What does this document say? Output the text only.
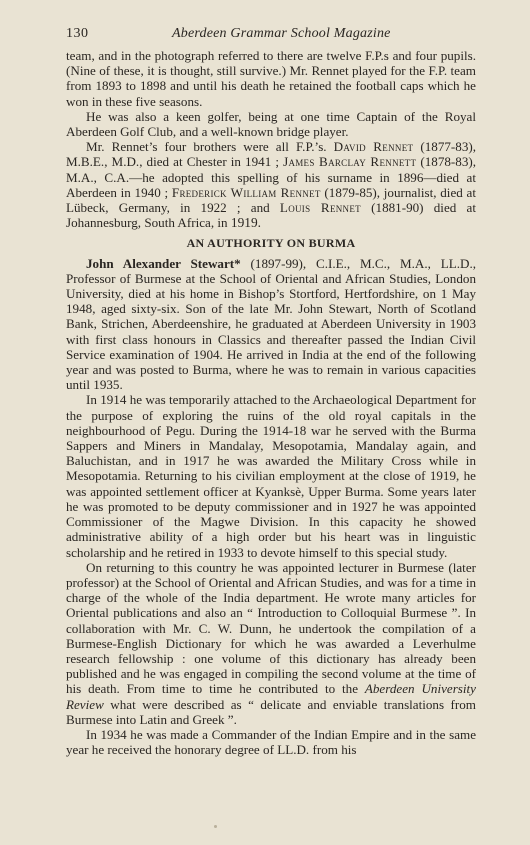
130	Aberdeen Grammar School Magazine

team, and in the photograph referred to there are twelve F.P.s and four pupils. (Nine of these, it is thought, still survive.) Mr. Rennet played for the F.P. team from 1893 to 1898 and until his death he retained the football caps which he won in these five seasons.

He was also a keen golfer, being at one time Captain of the Royal Aberdeen Golf Club, and a well-known bridge player.

Mr. Rennet’s four brothers were all F.P.’s. David Rennet (1877-83), M.B.E., M.D., died at Chester in 1941 ; James Barclay Rennett (1878-83), M.A., C.A.—he adopted this spelling of his surname in 1896—died at Aberdeen in 1940 ; Frederick William Rennet (1879-85), journalist, died at Lübeck, Germany, in 1922 ; and Louis Rennet (1881-90) died at Johannesburg, South Africa, in 1919.

AN AUTHORITY ON BURMA

John Alexander Stewart* (1897-99), C.I.E., M.C., M.A., LL.D., Professor of Burmese at the School of Oriental and African Studies, London University, died at his home in Bishop’s Stortford, Hertfordshire, on 1 May 1948, aged sixty-six. Son of the late Mr. John Stewart, North of Scotland Bank, Strichen, Aberdeenshire, he graduated at Aberdeen University in 1903 with first class honours in Classics and thereafter passed the Indian Civil Service examination of 1904. He arrived in India at the end of the following year and was posted to Burma, where he was to remain in various capacities until 1935.

In 1914 he was temporarily attached to the Archaeological Department for the purpose of exploring the ruins of the old royal capitals in the neighbourhood of Pegu. During the 1914-18 war he served with the Burma Sappers and Miners in Mandalay, Mesopotamia, Mandalay again, and Baluchistan, and in 1917 he was awarded the Military Cross while in Mesopotamia. Returning to his civilian employment at the close of 1919, he was appointed settlement officer at Kyanksè, Upper Burma. Some years later he was promoted to be deputy commissioner and in 1927 he was appointed Commissioner of the Magwe Division. In this capacity he showed administrative ability of a high order but his heart was in linguistic scholarship and he retired in 1933 to devote himself to this special study.

On returning to this country he was appointed lecturer in Burmese (later professor) at the School of Oriental and African Studies, and was for a time in charge of the whole of the India department. He wrote many articles for Oriental publications and also an “ Introduction to Colloquial Burmese ”. In collaboration with Mr. C. W. Dunn, he undertook the compilation of a Burmese-English Dictionary for which he was awarded a Leverhulme research fellowship : one volume of this dictionary has already been published and he was engaged in compiling the second volume at the time of his death. From time to time he contributed to the Aberdeen University Review what were described as “ delicate and enviable translations from Burmese into Latin and Greek ”.

In 1934 he was made a Commander of the Indian Empire and in the same year he received the honorary degree of LL.D. from his
